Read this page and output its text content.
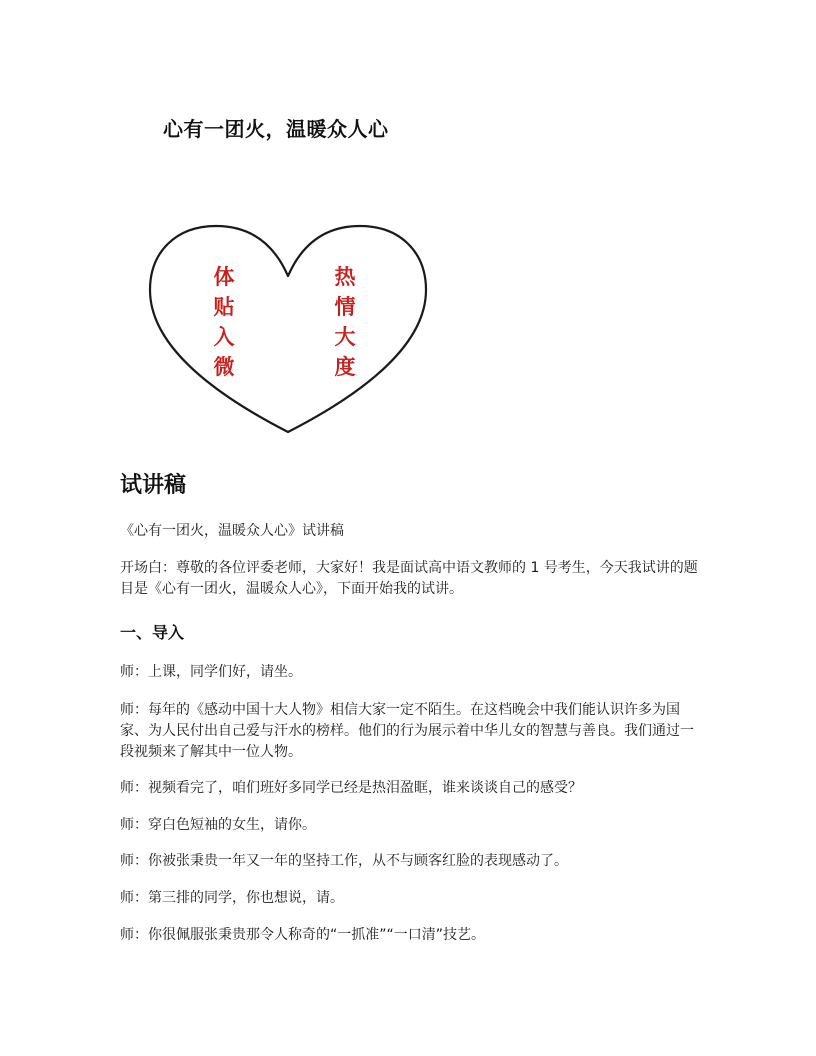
心有一团火，温暖众人心
体
贴
入
微
热
情
大
度
试讲稿
《心有一团火，温暖众人心》试讲稿
开场白：尊敬的各位评委老师，大家好！我是面试高中语文教师的 1 号考生，今天我试讲的题目是《心有一团火，温暖众人心》，下面开始我的试讲。
一、导入
师：上课，同学们好，请坐。
师：每年的《感动中国十大人物》相信大家一定不陌生。在这档晚会中我们能认识许多为国家、为人民付出自己爱与汗水的榜样。他们的行为展示着中华儿女的智慧与善良。我们通过一段视频来了解其中一位人物。
师：视频看完了，咱们班好多同学已经是热泪盈眶，谁来谈谈自己的感受？
师：穿白色短袖的女生，请你。
师：你被张秉贵一年又一年的坚持工作，从不与顾客红脸的表现感动了。
师：第三排的同学，你也想说，请。
师：你很佩服张秉贵那令人称奇的“一抓准”“一口清”技艺。
